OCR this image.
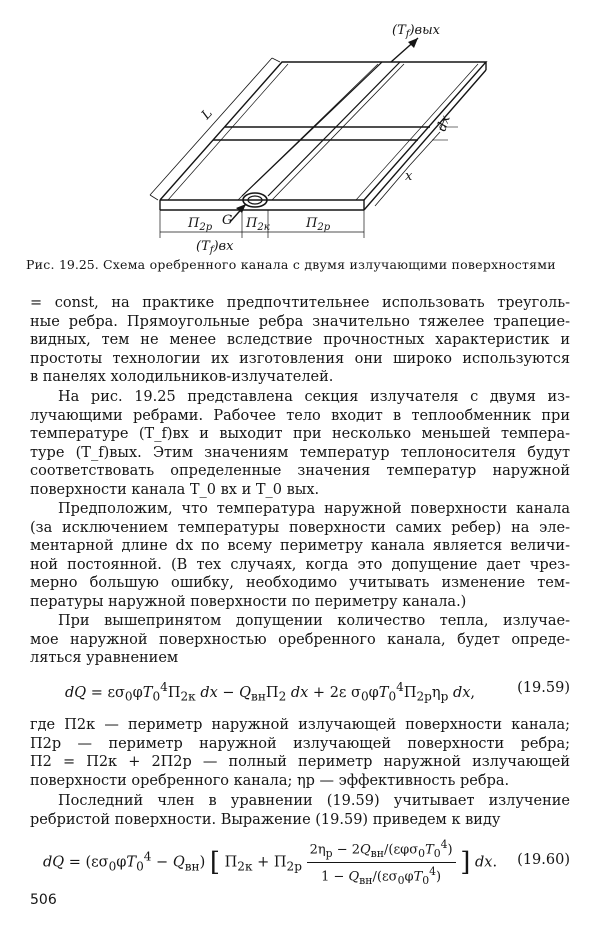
$(T_f)вых$
L	dx
x
G
$\Pi_{2р}$	$\Pi_{2к}$	$\Pi_{2р}$
$(T_f)вх$
Рис. 19.25. Схема оребренного канала с двумя излучающими поверхностями
= const, на практике предпочтительнее использовать треуголь-
ные ребра. Прямоугольные ребра значительно тяжелее трапецие-
видных, тем не менее вследствие прочностных характеристик и
простоты технологии их изготовления они широко используются
в панелях холодильников-излучателей.
На рис. 19.25 представлена секция излучателя с двумя из-
лучающими ребрами. Рабочее тело входит в теплообменник при
температуре (T_f)вх и выходит при несколько меньшей темпера-
туре (T_f)вых. Этим значениям температур теплоносителя будут
соответствовать определенные значения температур наружной
поверхности канала T_0 вх и T_0 вых.
Предположим, что температура наружной поверхности канала
(за исключением температуры поверхности самих ребер) на эле-
ментарной длине dx по всему периметру канала является величи-
ной постоянной. (В тех случаях, когда это допущение дает чрез-
мерно большую ошибку, необходимо учитывать изменение тем-
пературы наружной поверхности по периметру канала.)
При вышепринятом допущении количество тепла, излучае-
мое наружной поверхностью оребренного канала, будет опреде-
ляться уравнением
dQ = $\varepsilon\sigma_0\varphi T_0^4\Pi_{2к}$ dx − $Q_{вн}\Pi_2$ dx + 2ε $\sigma_0\varphi T_0^4\Pi_{2р}\eta_р$ dx,	(19.59)
где Π2к — периметр наружной излучающей поверхности канала;
Π2р — периметр наружной излучающей поверхности ребра;
Π2 = Π2к + 2Π2р — полный периметр наружной излучающей
поверхности оребренного канала; ηр — эффективность ребра.
Последний член в уравнении (19.59) учитывает излучение
ребристой поверхности. Выражение (19.59) приведем к виду
dQ = $(\varepsilon\sigma_0\varphi T_0^4 - Q_{вн})$ [ $\Pi_{2к} + \Pi_{2р} \frac{2\eta_р - 2Q_{вн}/(\varepsilon\varphi\sigma_0T_0^4)}{1 - Q_{вн}/(\varepsilon\sigma_0\varphi T_0^4)}$ ] dx.	(19.60)
506
